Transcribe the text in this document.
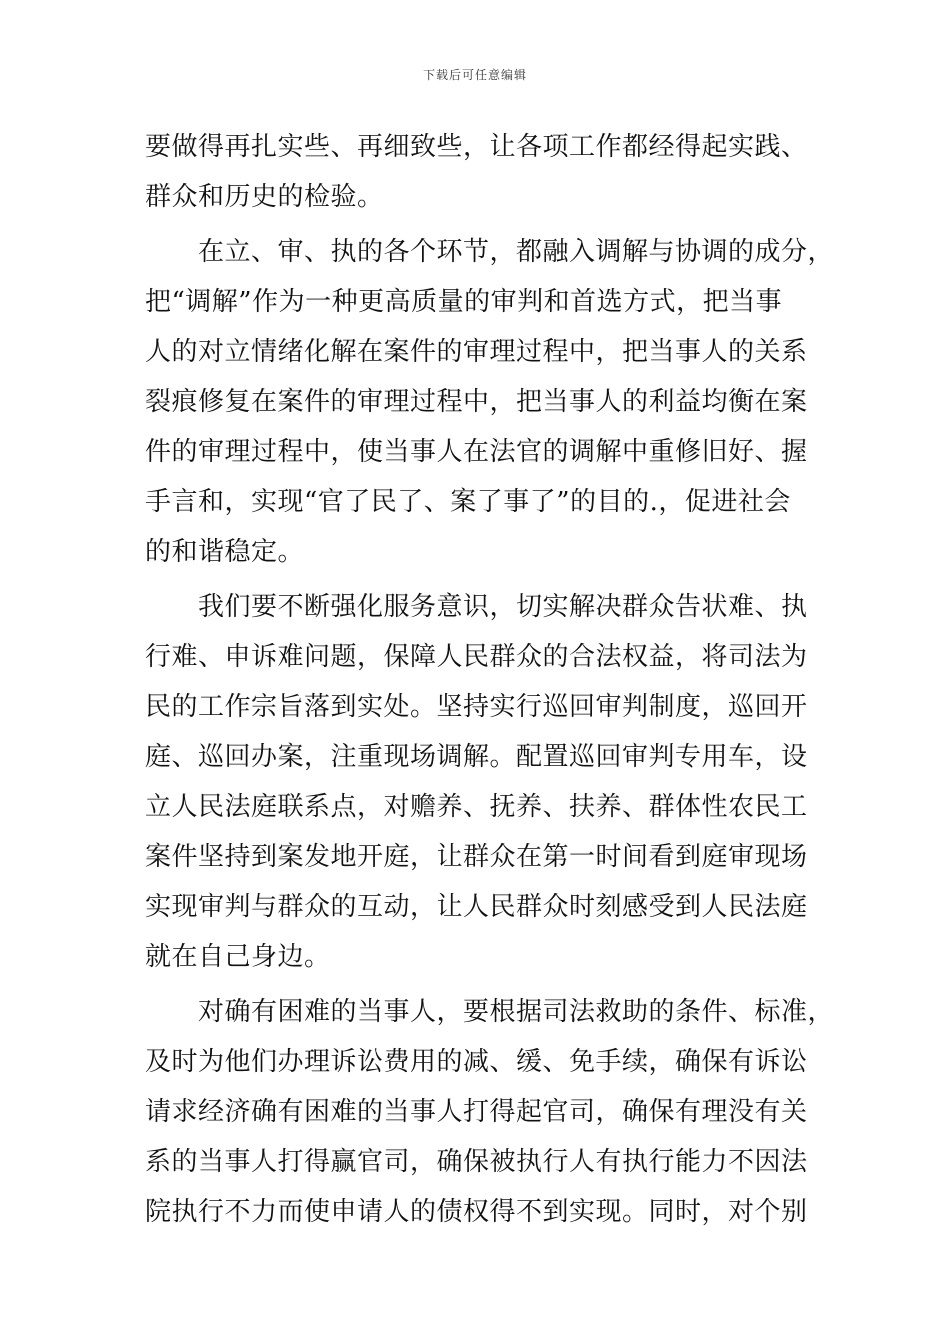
下载后可任意编辑
要做得再扎实些、再细致些，让各项工作都经得起实践、
群众和历史的检验。
　　在立、审、执的各个环节，都融入调解与协调的成分，
把“调解”作为一种更高质量的审判和首选方式，把当事
人的对立情绪化解在案件的审理过程中，把当事人的关系
裂痕修复在案件的审理过程中，把当事人的利益均衡在案
件的审理过程中，使当事人在法官的调解中重修旧好、握
手言和，实现“官了民了、案了事了”的目的.，促进社会
的和谐稳定。
　　我们要不断强化服务意识，切实解决群众告状难、执
行难、申诉难问题，保障人民群众的合法权益，将司法为
民的工作宗旨落到实处。坚持实行巡回审判制度，巡回开
庭、巡回办案，注重现场调解。配置巡回审判专用车，设
立人民法庭联系点，对赡养、抚养、扶养、群体性农民工
案件坚持到案发地开庭，让群众在第一时间看到庭审现场
实现审判与群众的互动，让人民群众时刻感受到人民法庭
就在自己身边。
　　对确有困难的当事人，要根据司法救助的条件、标准，
及时为他们办理诉讼费用的减、缓、免手续，确保有诉讼
请求经济确有困难的当事人打得起官司，确保有理没有关
系的当事人打得赢官司，确保被执行人有执行能力不因法
院执行不力而使申请人的债权得不到实现。同时，对个别
